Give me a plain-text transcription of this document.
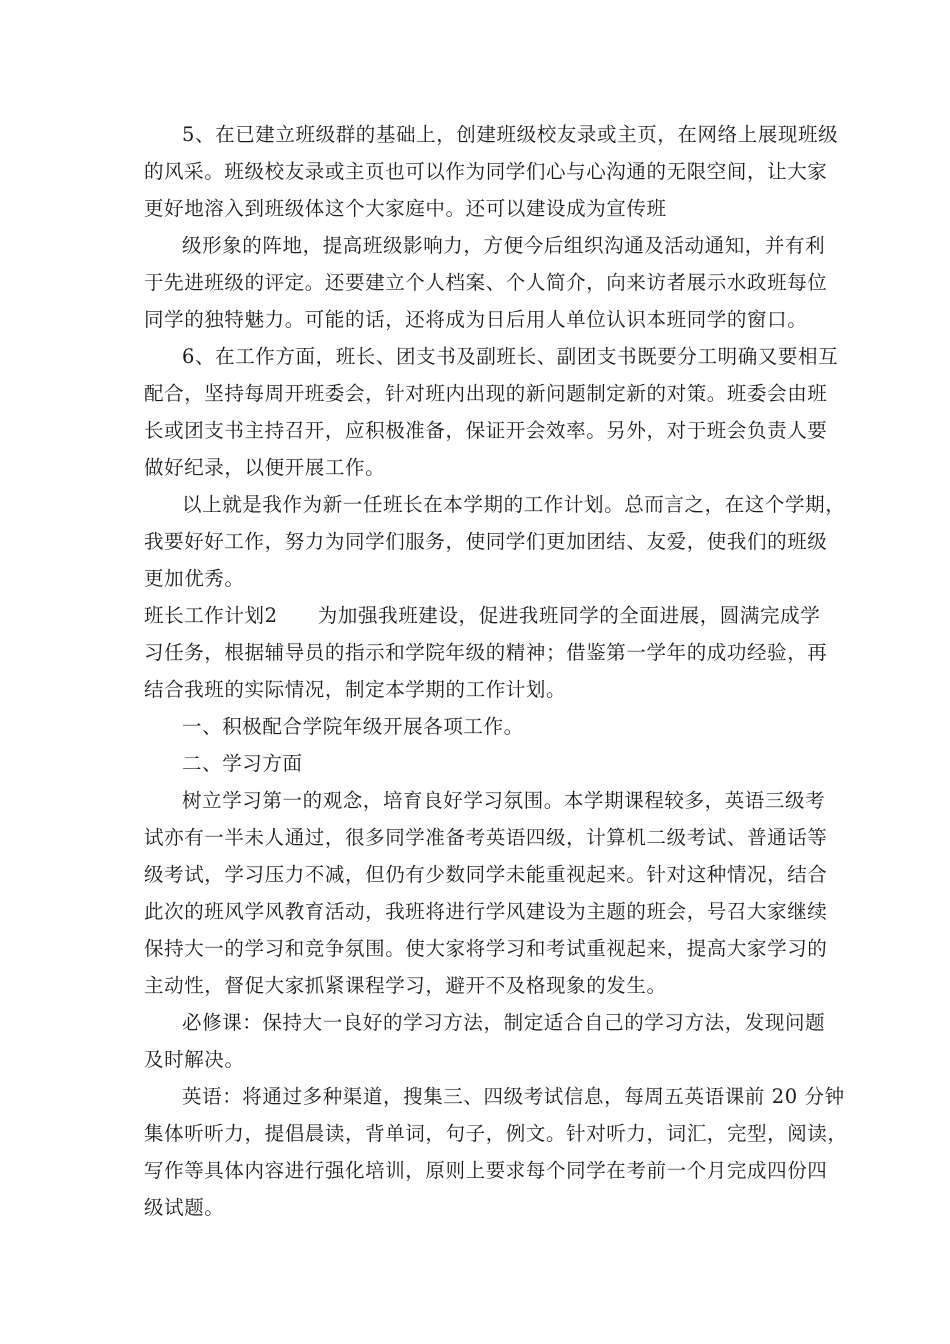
5、在已建立班级群的基础上，创建班级校友录或主页，在网络上展现班级
的风采。班级校友录或主页也可以作为同学们心与心沟通的无限空间，让大家
更好地溶入到班级体这个大家庭中。还可以建设成为宣传班
级形象的阵地，提高班级影响力，方便今后组织沟通及活动通知，并有利
于先进班级的评定。还要建立个人档案、个人简介，向来访者展示水政班每位
同学的独特魅力。可能的话，还将成为日后用人单位认识本班同学的窗口。
6、在工作方面，班长、团支书及副班长、副团支书既要分工明确又要相互
配合，坚持每周开班委会，针对班内出现的新问题制定新的对策。班委会由班
长或团支书主持召开，应积极准备，保证开会效率。另外，对于班会负责人要
做好纪录，以便开展工作。
以上就是我作为新一任班长在本学期的工作计划。总而言之，在这个学期，
我要好好工作，努力为同学们服务，使同学们更加团结、友爱，使我们的班级
更加优秀。
班长工作计划2　　为加强我班建设，促进我班同学的全面进展，圆满完成学
习任务，根据辅导员的指示和学院年级的精神；借鉴第一学年的成功经验，再
结合我班的实际情况，制定本学期的工作计划。
一、积极配合学院年级开展各项工作。
二、学习方面
树立学习第一的观念，培育良好学习氛围。本学期课程较多，英语三级考
试亦有一半未人通过，很多同学准备考英语四级，计算机二级考试、普通话等
级考试，学习压力不减，但仍有少数同学未能重视起来。针对这种情况，结合
此次的班风学风教育活动，我班将进行学风建设为主题的班会，号召大家继续
保持大一的学习和竞争氛围。使大家将学习和考试重视起来，提高大家学习的
主动性，督促大家抓紧课程学习，避开不及格现象的发生。
必修课：保持大一良好的学习方法，制定适合自己的学习方法，发现问题
及时解决。
英语：将通过多种渠道，搜集三、四级考试信息，每周五英语课前 20 分钟
集体听听力，提倡晨读，背单词，句子，例文。针对听力，词汇，完型，阅读，
写作等具体内容进行强化培训，原则上要求每个同学在考前一个月完成四份四
级试题。
